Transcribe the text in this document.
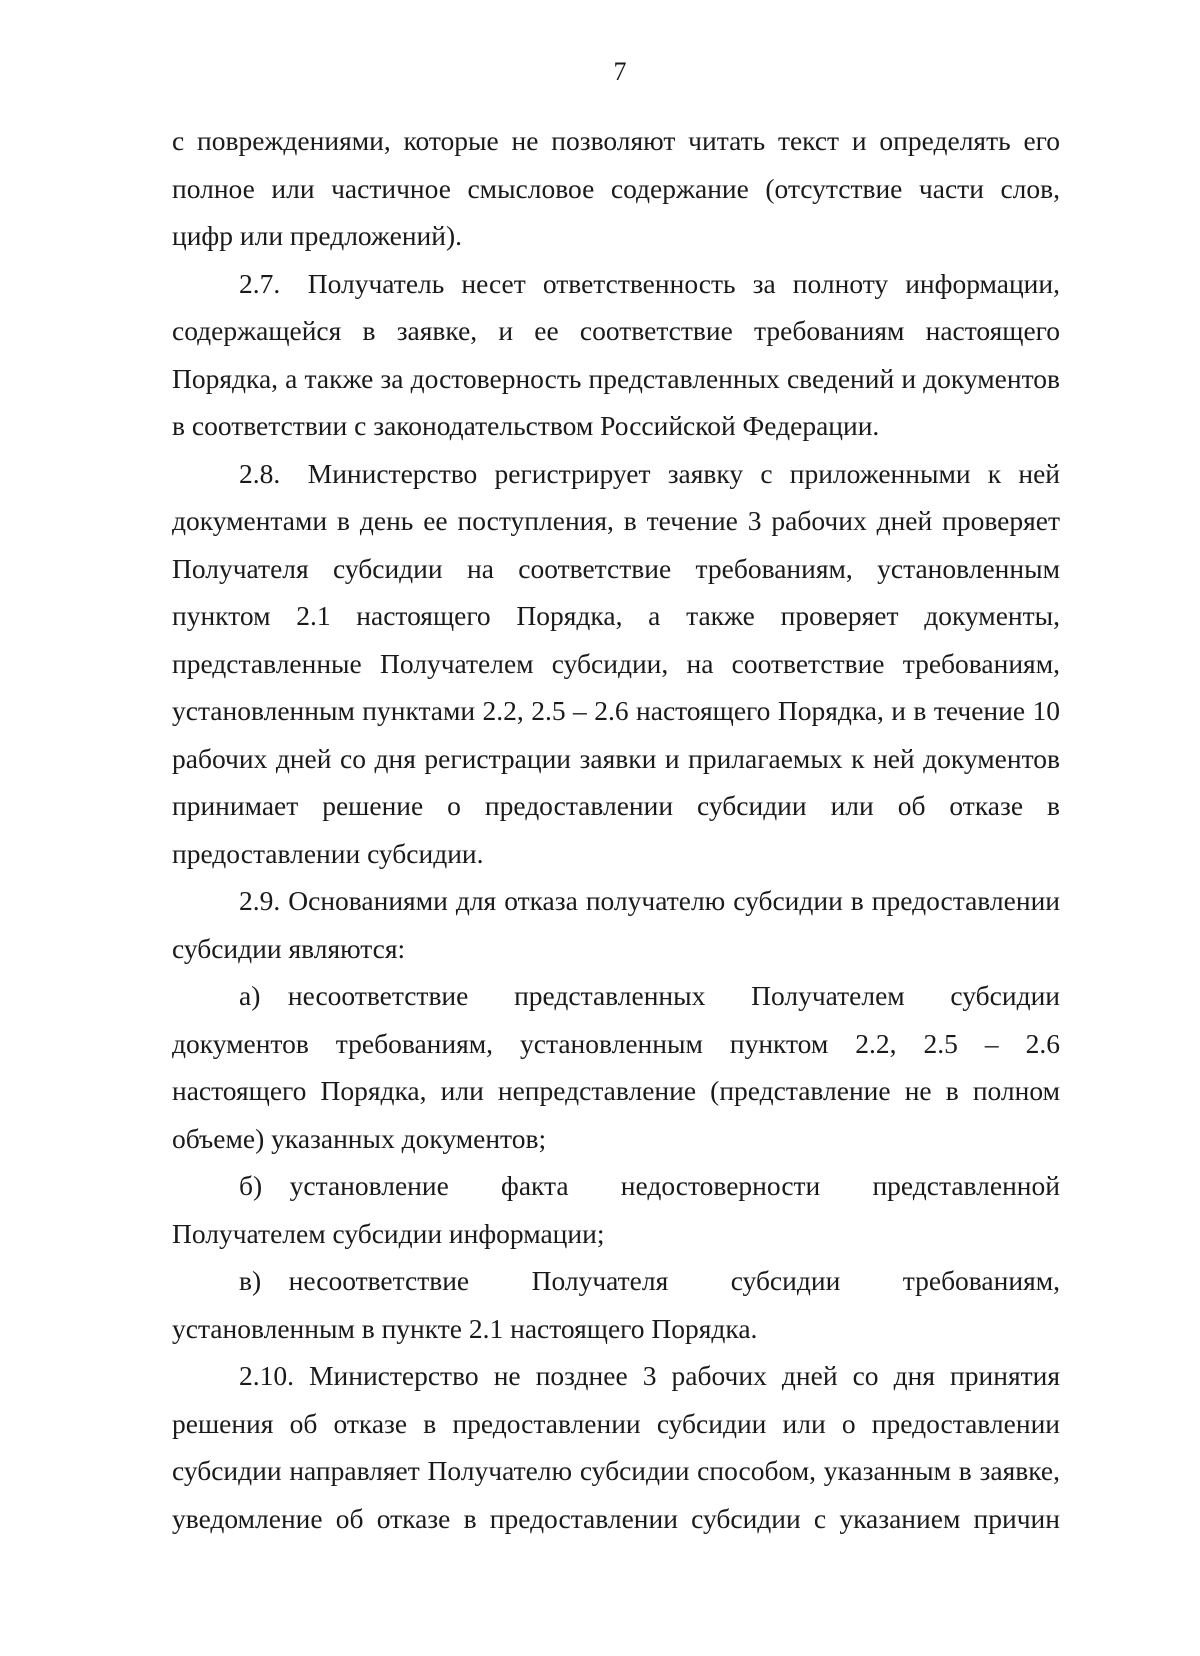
7

с повреждениями, которые не позволяют читать текст и определять его полное или частичное смысловое содержание (отсутствие части слов, цифр или предложений).

2.7. Получатель несет ответственность за полноту информации, содержащейся в заявке, и ее соответствие требованиям настоящего Порядка, а также за достоверность представленных сведений и документов в соответствии с законодательством Российской Федерации.

2.8. Министерство регистрирует заявку с приложенными к ней документами в день ее поступления, в течение 3 рабочих дней проверяет Получателя субсидии на соответствие требованиям, установленным пунктом 2.1 настоящего Порядка, а также проверяет документы, представленные Получателем субсидии, на соответствие требованиям, установленным пунктами 2.2, 2.5 – 2.6 настоящего Порядка, и в течение 10 рабочих дней со дня регистрации заявки и прилагаемых к ней документов принимает решение о предоставлении субсидии или об отказе в предоставлении субсидии.

2.9. Основаниями для отказа получателю субсидии в предоставлении субсидии являются:

а) несоответствие представленных Получателем субсидии документов требованиям, установленным пунктом 2.2, 2.5 – 2.6 настоящего Порядка, или непредставление (представление не в полном объеме) указанных документов;

б) установление факта недостоверности представленной Получателем субсидии информации;

в) несоответствие Получателя субсидии требованиям, установленным в пункте 2.1 настоящего Порядка.

2.10. Министерство не позднее 3 рабочих дней со дня принятия решения об отказе в предоставлении субсидии или о предоставлении субсидии направляет Получателю субсидии способом, указанным в заявке, уведомление об отказе в предоставлении субсидии с указанием причин
